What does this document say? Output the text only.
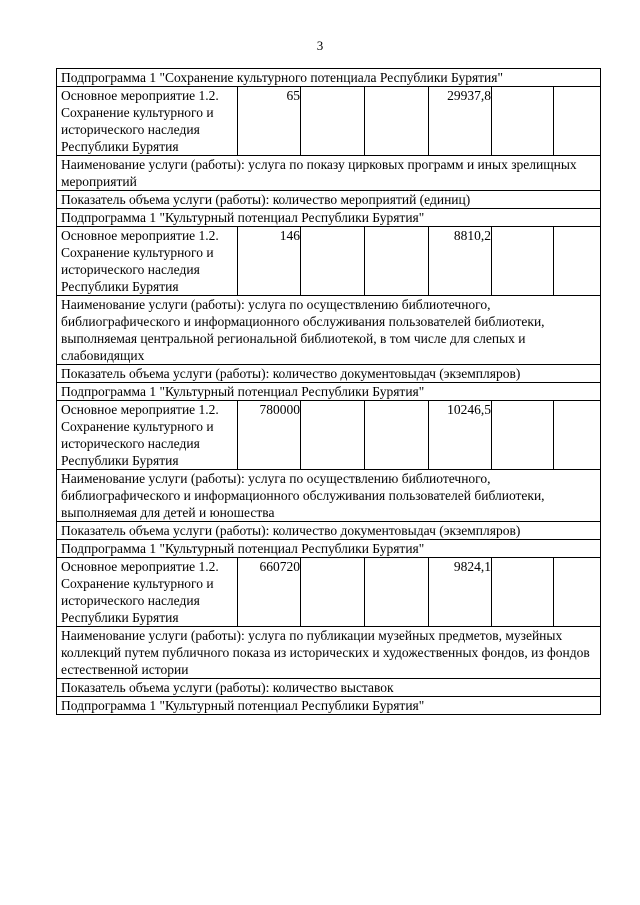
3
Подпрограмма 1 "Сохранение культурного потенциала Республики Бурятия"						
Основное мероприятие 1.2. Сохранение культурного и исторического наследия Республики Бурятия	65			29937,8		
Наименование услуги (работы): услуга по показу цирковых программ и иных зрелищных мероприятий						
Показатель объема услуги (работы): количество мероприятий (единиц)						
Подпрограмма 1 "Культурный потенциал Республики Бурятия"						
Основное мероприятие 1.2. Сохранение культурного и исторического наследия Республики Бурятия	146			8810,2		
Наименование услуги (работы): услуга по осуществлению библиотечного, библиографического и информационного обслуживания пользователей библиотеки, выполняемая центральной региональной библиотекой, в том числе для слепых и слабовидящих						
Показатель объема услуги (работы): количество документовыдач (экземпляров)						
Подпрограмма 1 "Культурный потенциал Республики Бурятия"						
Основное мероприятие 1.2. Сохранение культурного и исторического наследия Республики Бурятия	780000			10246,5		
Наименование услуги (работы): услуга по осуществлению библиотечного, библиографического и информационного обслуживания пользователей библиотеки, выполняемая для детей и юношества						
Показатель объема услуги (работы): количество документовыдач (экземпляров)						
Подпрограмма 1 "Культурный потенциал Республики Бурятия"						
Основное мероприятие 1.2. Сохранение культурного и исторического наследия Республики Бурятия	660720			9824,1		
Наименование услуги (работы): услуга по публикации музейных предметов, музейных коллекций путем публичного показа из исторических и художественных фондов, из фондов естественной истории						
Показатель объема услуги (работы): количество выставок						
Подпрограмма 1 "Культурный потенциал Республики Бурятия"						
